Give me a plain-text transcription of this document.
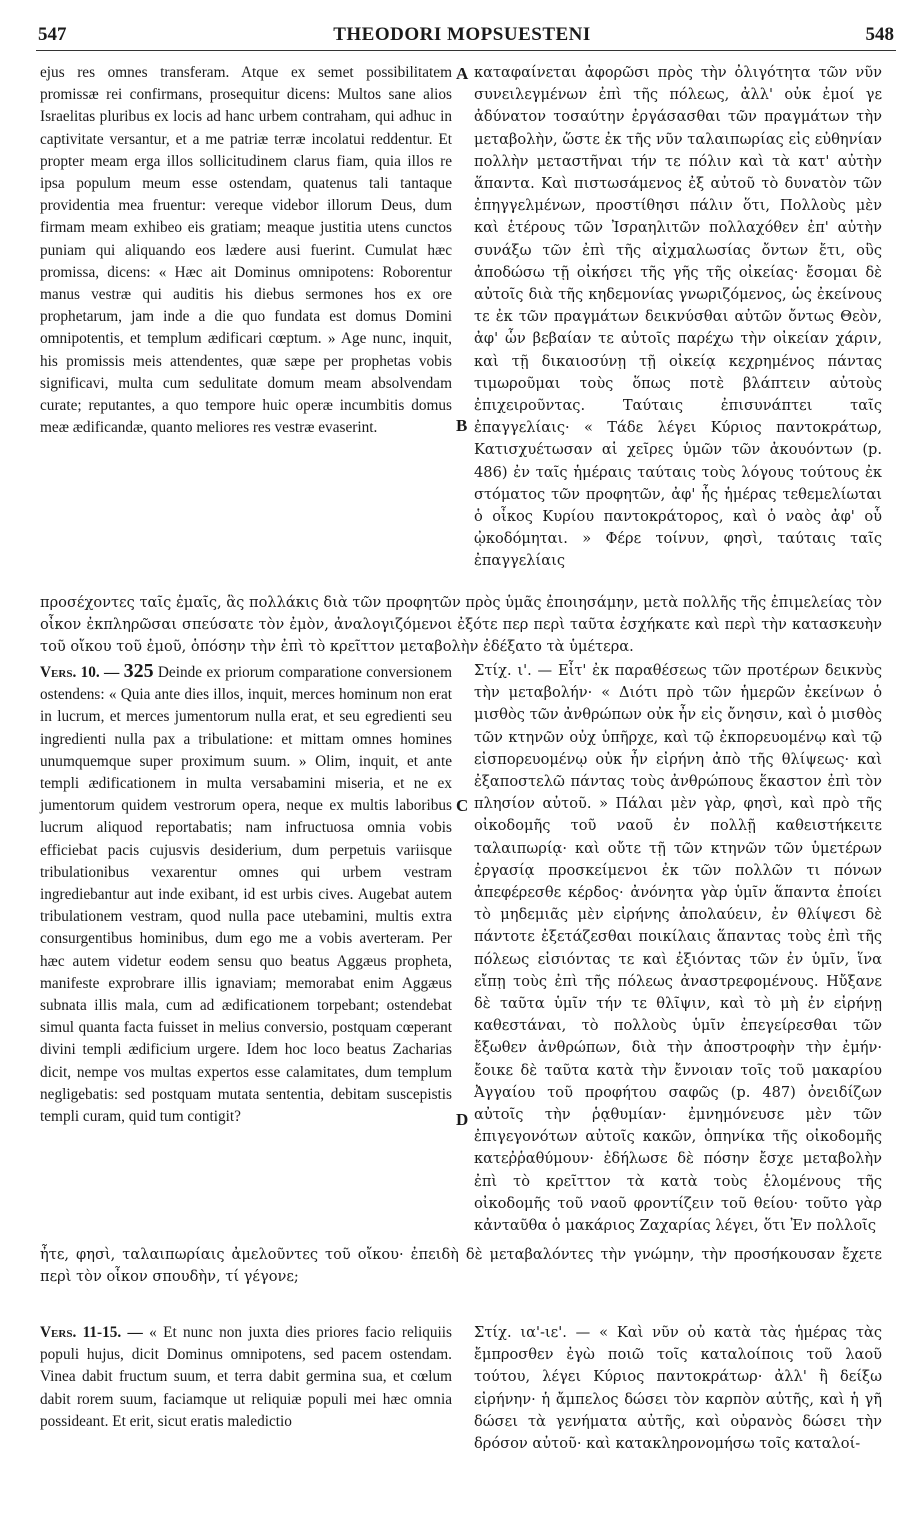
547	THEODORI MOPSUESTENI	548
A
B
C
D

ejus res omnes transferam. Atque ex semet possibilitatem promissæ rei confirmans, prosequitur dicens: Multos sane alios Israelitas pluribus ex locis ad hanc urbem contraham, qui adhuc in captivitate versantur, et a me patriæ terræ incolatui reddentur. Et propter meam erga illos sollicitudinem clarus fiam, quia illos re ipsa populum meum esse ostendam, quatenus tali tantaque providentia mea fruentur: vereque videbor illorum Deus, dum firmam meam exhibeo eis gratiam; meaque justitia utens cunctos puniam qui aliquando eos lædere ausi fuerint. Cumulat hæc promissa, dicens: « Hæc ait Dominus omnipotens: Roborentur manus vestræ qui auditis his diebus sermones hos ex ore prophetarum, jam inde a die quo fundata est domus Domini omnipotentis, et templum ædificari cœptum. » Age nunc, inquit, his promissis meis attendentes, quæ sæpe per prophetas vobis significavi, multa cum sedulitate domum meam absolvendam curate; reputantes, a quo tempore huic operæ incumbitis domus meæ ædificandæ, quanto meliores res vestræ evaserint.

καταφαίνεται ἀφορῶσι πρὸς τὴν ὀλιγότητα τῶν νῦν συνειλεγμένων ἐπὶ τῆς πόλεως, ἀλλ' οὐκ ἐμοί γε ἀδύνατον τοσαύτην ἐργάσασθαι τῶν πραγμάτων τὴν μεταβολὴν, ὥστε ἐκ τῆς νῦν ταλαιπωρίας εἰς εὐθηνίαν πολλὴν μεταστῆναι τήν τε πόλιν καὶ τὰ κατ' αὐτὴν ἅπαντα. Καὶ πιστωσάμενος ἐξ αὐτοῦ τὸ δυνατὸν τῶν ἐπηγγελμένων, προστίθησι πάλιν ὅτι, Πολλοὺς μὲν καὶ ἑτέρους τῶν Ἰσραηλιτῶν πολλαχόθεν ἐπ' αὐτὴν συνάξω τῶν ἐπὶ τῆς αἰχμαλωσίας ὄντων ἔτι, οὓς ἀποδώσω τῇ οἰκήσει τῆς γῆς τῆς οἰκείας· ἔσομαι δὲ αὐτοῖς διὰ τῆς κηδεμονίας γνωριζόμενος, ὡς ἐκείνους τε ἐκ τῶν πραγμάτων δεικνύσθαι αὐτῶν ὄντως Θεὸν, ἀφ' ὧν βεβαίαν τε αὐτοῖς παρέχω τὴν οἰκείαν χάριν, καὶ τῇ δικαιοσύνῃ τῇ οἰκείᾳ κεχρημένος πάντας τιμωροῦμαι τοὺς ὅπως ποτὲ βλάπτειν αὐτοὺς ἐπιχειροῦντας. Ταύταις ἐπισυνάπτει ταῖς ἐπαγγελίαις· « Τάδε λέγει Κύριος παντοκράτωρ, Κατισχυέτωσαν αἱ χεῖρες ὑμῶν τῶν ἀκουόντων (p. 486) ἐν ταῖς ἡμέραις ταύταις τοὺς λόγους τούτους ἐκ στόματος τῶν προφητῶν, ἀφ' ἧς ἡμέρας τεθεμελίωται ὁ οἶκος Κυρίου παντοκράτορος, καὶ ὁ ναὸς ἀφ' οὗ ᾠκοδόμηται. » Φέρε τοίνυν, φησὶ, ταύταις ταῖς ἐπαγγελίαις

προσέχοντες ταῖς ἐμαῖς, ἃς πολλάκις διὰ τῶν προφητῶν πρὸς ὑμᾶς ἐποιησάμην, μετὰ πολλῆς τῆς ἐπιμελείας τὸν οἶκον ἐκπληρῶσαι σπεύσατε τὸν ἐμὸν, ἀναλογιζόμενοι ἐξότε περ περὶ ταῦτα ἐσχήκατε καὶ περὶ τὴν κατασκευὴν τοῦ οἴκου τοῦ ἐμοῦ, ὁπόσην τὴν ἐπὶ τὸ κρεῖττον μεταβολὴν ἐδέξατο τὰ ὑμέτερα.

Vers. 10. — 325 Deinde ex priorum comparatione conversionem ostendens: « Quia ante dies illos, inquit, merces hominum non erat in lucrum, et merces jumentorum nulla erat, et seu egredienti seu ingredienti nulla pax a tribulatione: et mittam omnes homines unumquemque super proximum suum. » Olim, inquit, et ante templi ædificationem in multa versabamini miseria, et ne ex jumentorum quidem vestrorum opera, neque ex multis laboribus lucrum aliquod reportabatis; nam infructuosa omnia vobis efficiebat pacis cujusvis desiderium, dum perpetuis variisque tribulationibus vexarentur omnes qui urbem vestram ingrediebantur aut inde exibant, id est urbis cives. Augebat autem tribulationem vestram, quod nulla pace utebamini, multis extra consurgentibus hominibus, dum ego me a vobis averteram. Per hæc autem videtur eodem sensu quo beatus Aggæus propheta, manifeste exprobrare illis ignaviam; memorabat enim Aggæus subnata illis mala, cum ad ædificationem torpebant; ostendebat simul quanta facta fuisset in melius conversio, postquam cœperant divini templi ædificium urgere. Idem hoc loco beatus Zacharias dicit, nempe vos multas expertos esse calamitates, dum templum negligebatis: sed postquam mutata sententia, debitam suscepistis templi curam, quid tum contigit?

Στίχ. ι'. — Εἶτ' ἐκ παραθέσεως τῶν προτέρων δεικνὺς τὴν μεταβολήν· « Διότι πρὸ τῶν ἡμερῶν ἐκείνων ὁ μισθὸς τῶν ἀνθρώπων οὐκ ἦν εἰς ὄνησιν, καὶ ὁ μισθὸς τῶν κτηνῶν οὐχ ὑπῆρχε, καὶ τῷ ἐκπορευομένῳ καὶ τῷ εἰσπορευομένῳ οὐκ ἦν εἰρήνη ἀπὸ τῆς θλίψεως· καὶ ἐξαποστελῶ πάντας τοὺς ἀνθρώπους ἕκαστον ἐπὶ τὸν πλησίον αὐτοῦ. » Πάλαι μὲν γὰρ, φησὶ, καὶ πρὸ τῆς οἰκοδομῆς τοῦ ναοῦ ἐν πολλῇ καθειστήκειτε ταλαιπωρίᾳ· καὶ οὔτε τῇ τῶν κτηνῶν τῶν ὑμετέρων ἐργασίᾳ προσκείμενοι ἐκ τῶν πολλῶν τι πόνων ἀπεφέρεσθε κέρδος· ἀνόνητα γὰρ ὑμῖν ἅπαντα ἐποίει τὸ μηδεμιᾶς μὲν εἰρήνης ἀπολαύειν, ἐν θλίψεσι δὲ πάντοτε ἐξετάζεσθαι ποικίλαις ἅπαντας τοὺς ἐπὶ τῆς πόλεως εἰσιόντας τε καὶ ἐξιόντας τῶν ἐν ὑμῖν, ἵνα εἴπῃ τοὺς ἐπὶ τῆς πόλεως ἀναστρεφομένους. Ηὔξανε δὲ ταῦτα ὑμῖν τήν τε θλῖψιν, καὶ τὸ μὴ ἐν εἰρήνῃ καθεστάναι, τὸ πολλοὺς ὑμῖν ἐπεγείρεσθαι τῶν ἔξωθεν ἀνθρώπων, διὰ τὴν ἀποστροφὴν τὴν ἐμήν· ἔοικε δὲ ταῦτα κατὰ τὴν ἔννοιαν τοῖς τοῦ μακαρίου Ἀγγαίου τοῦ προφήτου σαφῶς (p. 487) ὀνειδίζων αὐτοῖς τὴν ῥᾳθυμίαν· ἐμνημόνευσε μὲν τῶν ἐπιγεγονότων αὐτοῖς κακῶν, ὁπηνίκα τῆς οἰκοδομῆς κατεῤῥαθύμουν· ἐδήλωσε δὲ πόσην ἔσχε μεταβολὴν ἐπὶ τὸ κρεῖττον τὰ κατὰ τοὺς ἑλομένους τῆς οἰκοδομῆς τοῦ ναοῦ φροντίζειν τοῦ θείου· τοῦτο γὰρ κἀνταῦθα ὁ μακάριος Ζαχαρίας λέγει, ὅτι Ἐν πολλοῖς

ἦτε, φησὶ, ταλαιπωρίαις ἀμελοῦντες τοῦ οἴκου· ἐπειδὴ δὲ μεταβαλόντες τὴν γνώμην, τὴν προσήκουσαν ἔχετε περὶ τὸν οἶκον σπουδὴν, τί γέγονε;

Vers. 11-15. — « Et nunc non juxta dies priores facio reliquiis populi hujus, dicit Dominus omnipotens, sed pacem ostendam. Vinea dabit fructum suum, et terra dabit germina sua, et cœlum dabit rorem suum, faciamque ut reliquiæ populi mei hæc omnia possideant. Et erit, sicut eratis maledictio

Στίχ. ια'-ιε'. — « Καὶ νῦν οὐ κατὰ τὰς ἡμέρας τὰς ἔμπροσθεν ἐγὼ ποιῶ τοῖς καταλοίποις τοῦ λαοῦ τούτου, λέγει Κύριος παντοκράτωρ· ἀλλ' ἢ δείξω εἰρήνην· ἡ ἄμπελος δώσει τὸν καρπὸν αὐτῆς, καὶ ἡ γῆ δώσει τὰ γενήματα αὐτῆς, καὶ οὐρανὸς δώσει τὴν δρόσον αὐτοῦ· καὶ κατακληρονομήσω τοῖς καταλοί-
